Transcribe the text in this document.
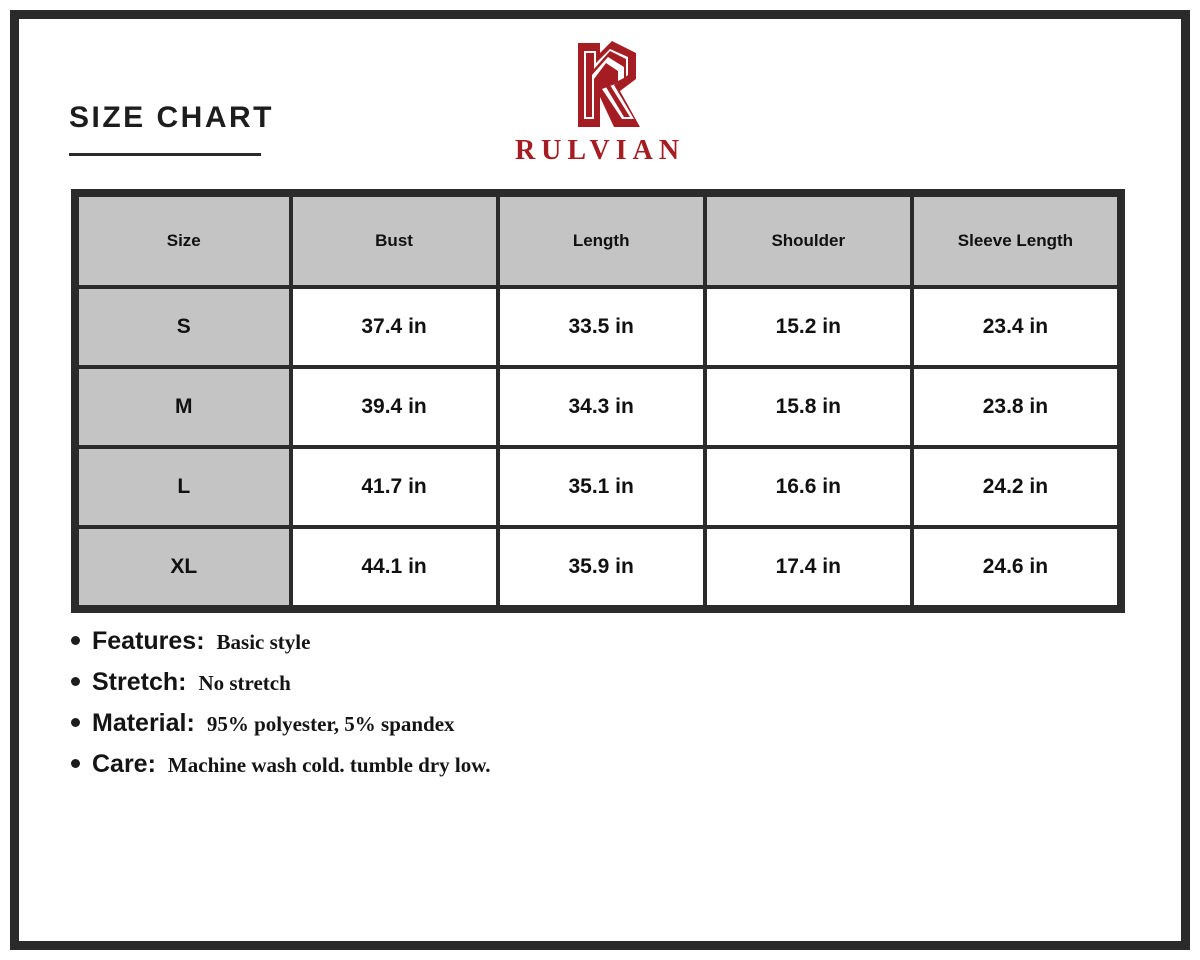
SIZE CHART
RULVIAN
Size	Bust	Length	Shoulder	Sleeve Length
S	37.4 in	33.5 in	15.2 in	23.4 in
M	39.4 in	34.3 in	15.8 in	23.8 in
L	41.7 in	35.1 in	16.6 in	24.2 in
XL	44.1 in	35.9 in	17.4 in	24.6 in
Features: Basic style
Stretch: No stretch
Material: 95% polyester, 5% spandex
Care: Machine wash cold. tumble dry low.
